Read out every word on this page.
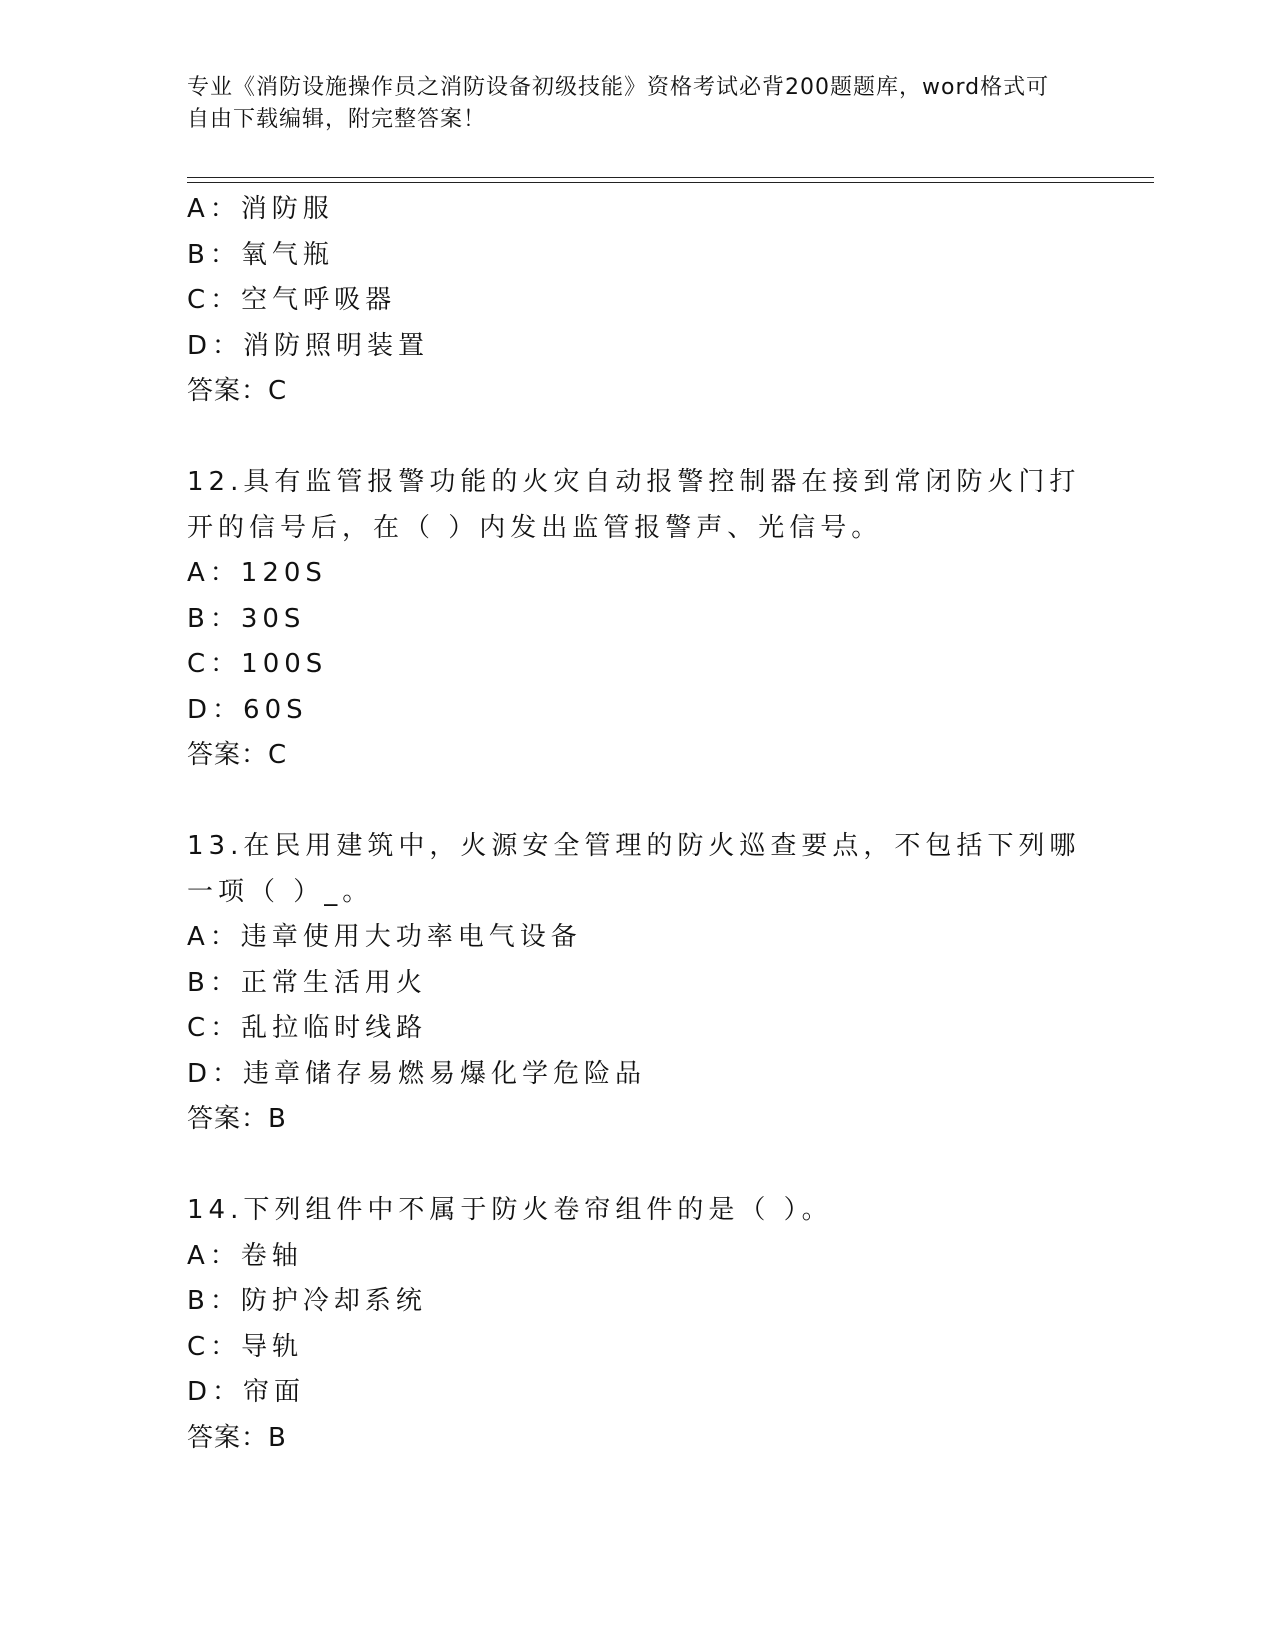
专业《消防设施操作员之消防设备初级技能》资格考试必背200题题库，word格式可自由下载编辑，附完整答案！
A：消防服
B：氧气瓶
C：空气呼吸器
D：消防照明装置
答案：C
12.具有监管报警功能的火灾自动报警控制器在接到常闭防火门打开的信号后，在（ ）内发出监管报警声、光信号。
A：120S
B：30S
C：100S
D：60S
答案：C
13.在民用建筑中，火源安全管理的防火巡查要点，不包括下列哪一项（ ）_。
A：违章使用大功率电气设备
B：正常生活用火
C：乱拉临时线路
D：违章储存易燃易爆化学危险品
答案：B
14.下列组件中不属于防火卷帘组件的是（ ）。
A：卷轴
B：防护冷却系统
C：导轨
D：帘面
答案：B
